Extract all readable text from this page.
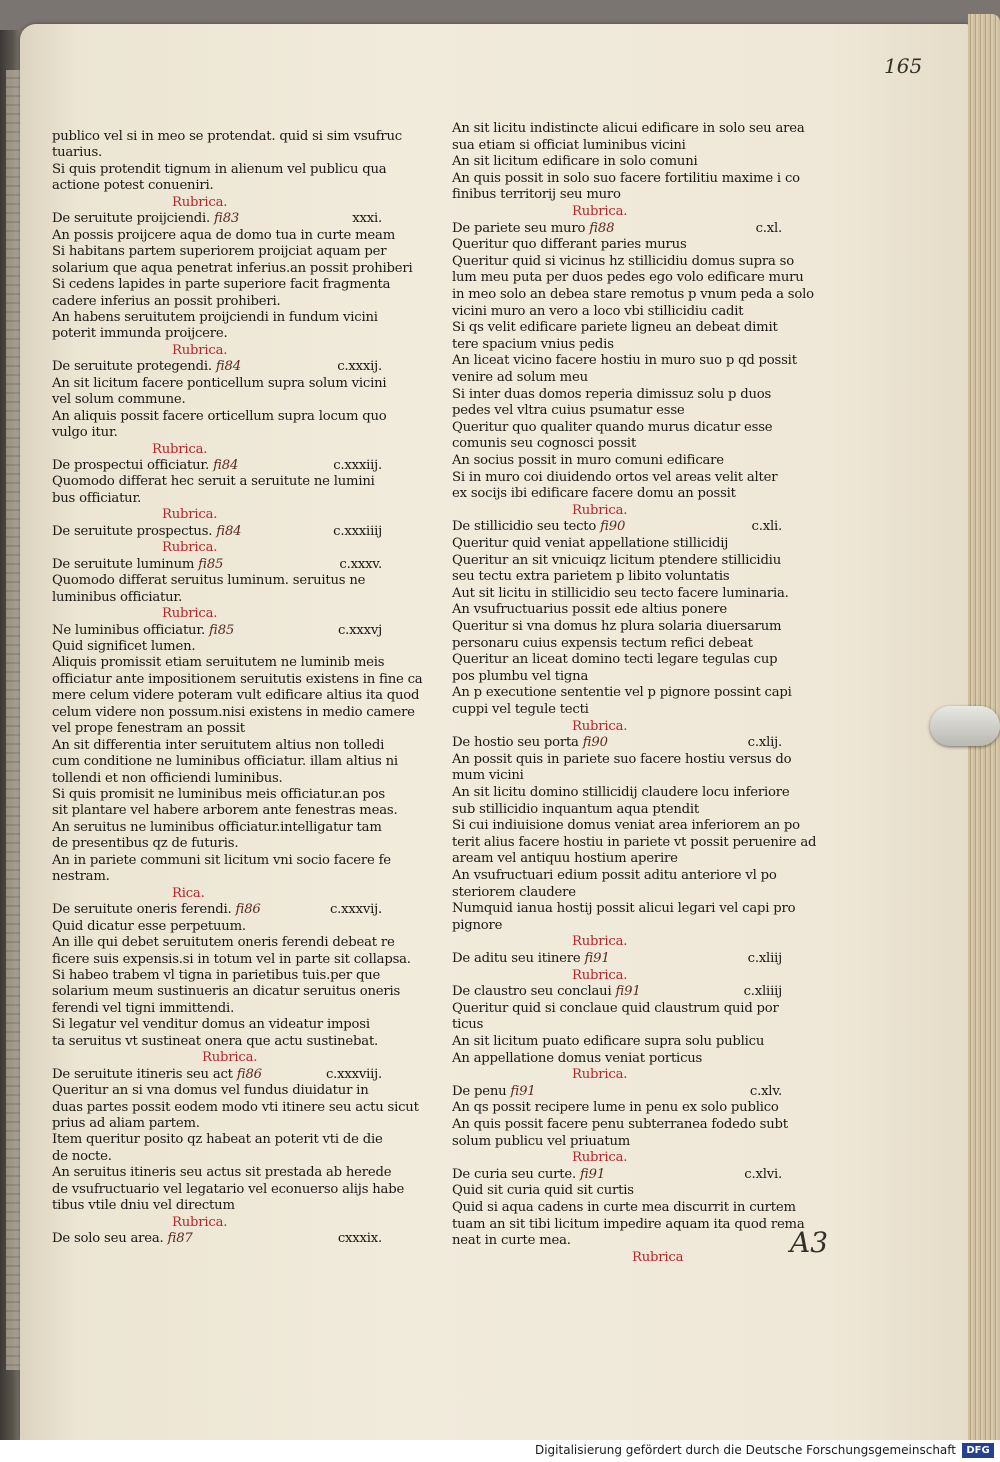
165
A3
publico vel si in meo se protendat. quid si sim vsufruc
tuarius.
Si quis protendit tignum in alienum vel publicu qua
actione potest conueniri.
Rubrica.
De seruitute proijciendi. fi83	xxxi.
An possis proijcere aqua de domo tua in curte meam
Si habitans partem superiorem proijciat aquam per
solarium que aqua penetrat inferius.an possit prohiberi
Si cedens lapides in parte superiore facit fragmenta
cadere inferius an possit prohiberi.
An habens seruitutem proijciendi in fundum vicini
poterit immunda proijcere.
Rubrica.
De seruitute protegendi. fi84	c.xxxij.
An sit licitum facere ponticellum supra solum vicini
vel solum commune.
An aliquis possit facere orticellum supra locum quo
vulgo itur.
Rubrica.
De prospectui officiatur. fi84	c.xxxiij.
Quomodo differat hec seruit a seruitute ne lumini
bus officiatur.
Rubrica.
De seruitute prospectus. fi84	c.xxxiiij
Rubrica.
De seruitute luminum fi85	c.xxxv.
Quomodo differat seruitus luminum. seruitus ne
luminibus officiatur.
Rubrica.
Ne luminibus officiatur. fi85	c.xxxvj
Quid significet lumen.
Aliquis promissit etiam seruitutem ne luminib meis
officiatur ante impositionem seruitutis existens in fine ca
mere celum videre poteram vult edificare altius ita quod
celum videre non possum.nisi existens in medio camere
vel prope fenestram an possit
An sit differentia inter seruitutem altius non tolledi
cum conditione ne luminibus officiatur. illam altius ni
tollendi et non officiendi luminibus.
Si quis promisit ne luminibus meis officiatur.an pos
sit plantare vel habere arborem ante fenestras meas.
An seruitus ne luminibus officiatur.intelligatur tam
de presentibus qz de futuris.
An in pariete communi sit licitum vni socio facere fe
nestram.
Rica.
De seruitute oneris ferendi. fi86	c.xxxvij.
Quid dicatur esse perpetuum.
An ille qui debet seruitutem oneris ferendi debeat re
ficere suis expensis.si in totum vel in parte sit collapsa.
Si habeo trabem vl tigna in parietibus tuis.per que
solarium meum sustinueris an dicatur seruitus oneris
ferendi vel tigni immittendi.
Si legatur vel venditur domus an videatur imposi
ta seruitus vt sustineat onera que actu sustinebat.
Rubrica.
De seruitute itineris seu act fi86	c.xxxviij.
Queritur an si vna domus vel fundus diuidatur in
duas partes possit eodem modo vti itinere seu actu sicut
prius ad aliam partem.
Item queritur posito qz habeat an poterit vti de die
de nocte.
An seruitus itineris seu actus sit prestada ab herede
de vsufructuario vel legatario vel econuerso alijs habe
tibus vtile dniu vel directum
Rubrica.
De solo seu area. fi87	cxxxix.
An sit licitu indistincte alicui edificare in solo seu area
sua etiam si officiat luminibus vicini
An sit licitum edificare in solo comuni
An quis possit in solo suo facere fortilitiu maxime i co
finibus territorij seu muro
Rubrica.
De pariete seu muro fi88	c.xl.
Queritur quo differant paries murus
Queritur quid si vicinus hz stillicidiu domus supra so
lum meu puta per duos pedes ego volo edificare muru
in meo solo an debea stare remotus p vnum peda a solo
vicini muro an vero a loco vbi stillicidiu cadit
Si qs velit edificare pariete ligneu an debeat dimit
tere spacium vnius pedis
An liceat vicino facere hostiu in muro suo p qd possit
venire ad solum meu
Si inter duas domos reperia dimissuz solu p duos
pedes vel vltra cuius psumatur esse
Queritur quo qualiter quando murus dicatur esse
comunis seu cognosci possit
An socius possit in muro comuni edificare
Si in muro coi diuidendo ortos vel areas velit alter
ex socijs ibi edificare facere domu an possit
Rubrica.
De stillicidio seu tecto fi90	c.xli.
Queritur quid veniat appellatione stillicidij
Queritur an sit vnicuiqz licitum ptendere stillicidiu
seu tectu extra parietem p libito voluntatis
Aut sit licitu in stillicidio seu tecto facere luminaria.
An vsufructuarius possit ede altius ponere
Queritur si vna domus hz plura solaria diuersarum
personaru cuius expensis tectum refici debeat
Queritur an liceat domino tecti legare tegulas cup
pos plumbu vel tigna
An p executione sententie vel p pignore possint capi
cuppi vel tegule tecti
Rubrica.
De hostio seu porta fi90	c.xlij.
An possit quis in pariete suo facere hostiu versus do
mum vicini
An sit licitu domino stillicidij claudere locu inferiore
sub stillicidio inquantum aqua ptendit
Si cui indiuisione domus veniat area inferiorem an po
terit alius facere hostiu in pariete vt possit peruenire ad
aream vel antiquu hostium aperire
An vsufructuari edium possit aditu anteriore vl po
steriorem claudere
Numquid ianua hostij possit alicui legari vel capi pro
pignore
Rubrica.
De aditu seu itinere fi91	c.xliij
Rubrica.
De claustro seu conclaui fi91	c.xliiij
Queritur quid si conclaue quid claustrum quid por
ticus
An sit licitum puato edificare supra solu publicu
An appellatione domus veniat porticus
Rubrica.
De penu fi91	c.xlv.
An qs possit recipere lume in penu ex solo publico
An quis possit facere penu subterranea fodedo subt
solum publicu vel priuatum
Rubrica.
De curia seu curte. fi91	c.xlvi.
Quid sit curia quid sit curtis
Quid si aqua cadens in curte mea discurrit in curtem
tuam an sit tibi licitum impedire aquam ita quod rema
neat in curte mea.
Rubrica
Digitalisierung gefördert durch die Deutsche Forschungsgemeinschaft	DFG
